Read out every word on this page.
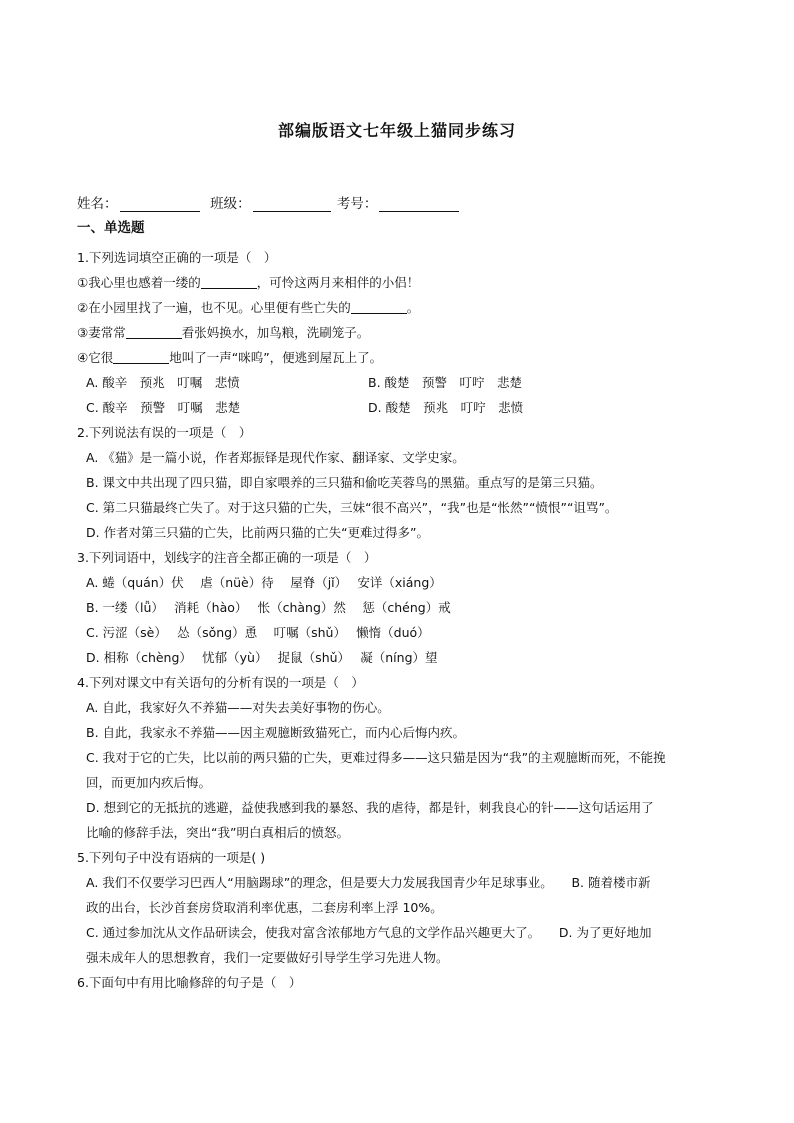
部编版语文七年级上猫同步练习
姓名：	班级：	考号：
一、单选题
1.下列选词填空正确的一项是（　）
①我心里也感着一缕的	，可怜这两月来相伴的小侣！
②在小园里找了一遍，也不见。心里便有些亡失的	。
③妻常常	看张妈换水，加鸟粮，洗刷笼子。
④它很	地叫了一声“咪呜”，便逃到屋瓦上了。
A. 酸辛　预兆　叮嘱　悲愤	B. 酸楚　预警　叮咛　悲楚
C. 酸辛　预警　叮嘱　悲楚	D. 酸楚　预兆　叮咛　悲愤
2.下列说法有误的一项是（　）
A. 《猫》是一篇小说，作者郑振铎是现代作家、翻译家、文学史家。
B. 课文中共出现了四只猫，即自家喂养的三只猫和偷吃芙蓉鸟的黑猫。重点写的是第三只猫。
C. 第二只猫最终亡失了。对于这只猫的亡失，三妹“很不高兴”，“我”也是“怅然”“愤恨”“诅骂”。
D. 作者对第三只猫的亡失，比前两只猫的亡失“更难过得多”。
3.下列词语中，划线字的注音全都正确的一项是（　）
A. 蜷（quán）伏　 虐（nüè）待　 屋脊（jǐ）　 安详（xiáng）
B. 一缕（lǚ）　 消耗（hào）　 怅（chàng）然　 惩（chéng）戒
C. 污涩（sè）　 怂（sǒng）恿　 叮嘱（shǔ）　 懒惰（duó）
D. 相称（chèng）　 忧郁（yù）　 捉鼠（shǔ）　 凝（níng）望
4.下列对课文中有关语句的分析有误的一项是（　）
A. 自此，我家好久不养猫——对失去美好事物的伤心。
B. 自此，我家永不养猫——因主观臆断致猫死亡，而内心后悔内疚。
C. 我对于它的亡失，比以前的两只猫的亡失，更难过得多——这只猫是因为“我”的主观臆断而死，不能挽
回，而更加内疚后悔。
D. 想到它的无抵抗的逃避，益使我感到我的暴怒、我的虐待，都是针，刺我良心的针——这句话运用了
比喻的修辞手法，突出“我”明白真相后的愤怒。
5.下列句子中没有语病的一项是( )
A. 我们不仅要学习巴西人“用脑踢球”的理念，但是要大力发展我国青少年足球事业。　　B. 随着楼市新
政的出台，长沙首套房贷取消利率优惠，二套房利率上浮 10%。
C. 通过参加沈从文作品研读会，使我对富含浓郁地方气息的文学作品兴趣更大了。　　D. 为了更好地加
强未成年人的思想教育，我们一定要做好引导学生学习先进人物。
6.下面句中有用比喻修辞的句子是（　）
